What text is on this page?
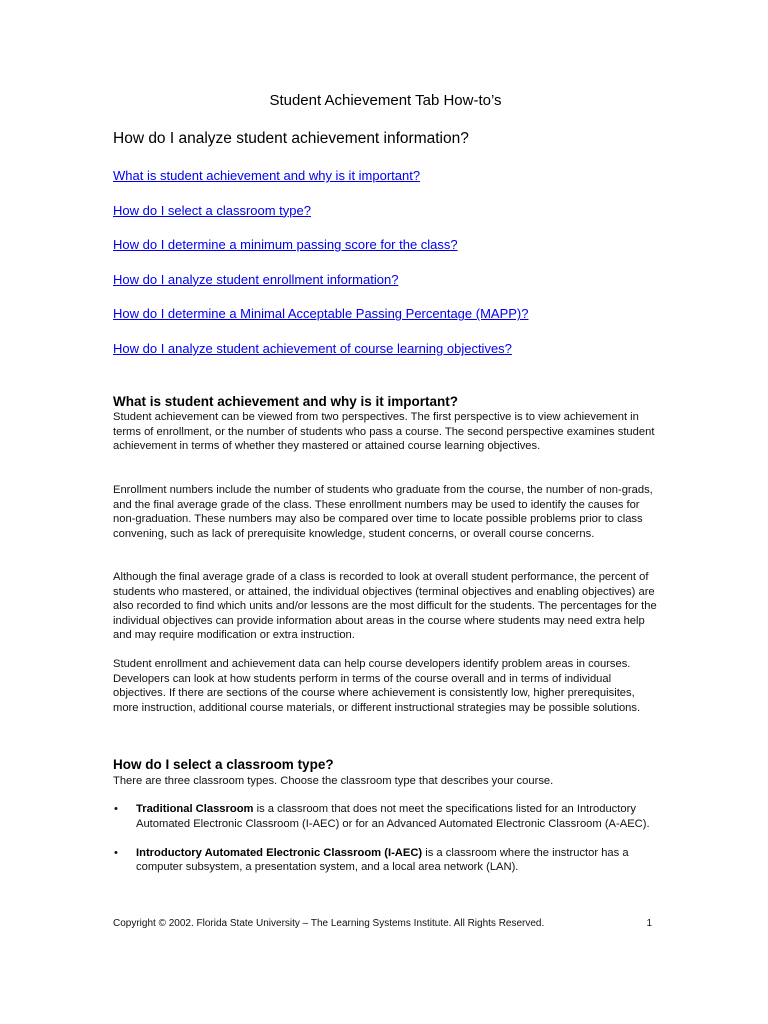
Student Achievement Tab How-to’s
How do I analyze student achievement information?
What is student achievement and why is it important?
How do I select a classroom type?
How do I determine a minimum passing score for the class?
How do I analyze student enrollment information?
How do I determine a Minimal Acceptable Passing Percentage (MAPP)?
How do I analyze student achievement of course learning objectives?
What is student achievement and why is it important?

Student achievement can be viewed from two perspectives. The first perspective is to view achievement in terms of enrollment, or the number of students who pass a course. The second perspective examines student achievement in terms of whether they mastered or attained course learning objectives.

Enrollment numbers include the number of students who graduate from the course, the number of non-grads, and the final average grade of the class. These enrollment numbers may be used to identify the causes for non-graduation. These numbers may also be compared over time to locate possible problems prior to class convening, such as lack of prerequisite knowledge, student concerns, or overall course concerns.

Although the final average grade of a class is recorded to look at overall student performance, the percent of students who mastered, or attained, the individual objectives (terminal objectives and enabling objectives) are also recorded to find which units and/or lessons are the most difficult for the students. The percentages for the individual objectives can provide information about areas in the course where students may need extra help and may require modification or extra instruction.

Student enrollment and achievement data can help course developers identify problem areas in courses. Developers can look at how students perform in terms of the course overall and in terms of individual objectives. If there are sections of the course where achievement is consistently low, higher prerequisites, more instruction, additional course materials, or different instructional strategies may be possible solutions.

How do I select a classroom type?

There are three classroom types. Choose the classroom type that describes your course.

• Traditional Classroom is a classroom that does not meet the specifications listed for an Introductory Automated Electronic Classroom (I-AEC) or for an Advanced Automated Electronic Classroom (A-AEC).
• Introductory Automated Electronic Classroom (I-AEC) is a classroom where the instructor has a computer subsystem, a presentation system, and a local area network (LAN).
Copyright © 2002. Florida State University – The Learning Systems Institute. All Rights Reserved.	1
